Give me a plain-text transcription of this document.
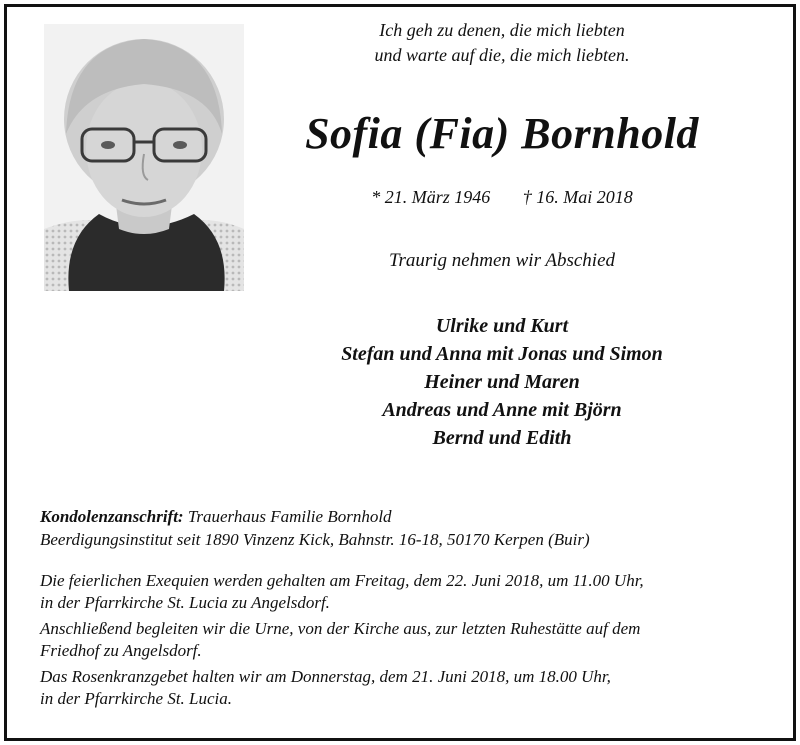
Ich geh zu denen, die mich liebten
und warte auf die, die mich liebten.
Sofia (Fia) Bornhold
* 21. März 1946 † 16. Mai 2018
Traurig nehmen wir Abschied
Ulrike und Kurt
Stefan und Anna mit Jonas und Simon
Heiner und Maren
Andreas und Anne mit Björn
Bernd und Edith
Kondolenzanschrift: Trauerhaus Familie Bornhold
Beerdigungsinstitut seit 1890 Vinzenz Kick, Bahnstr. 16-18, 50170 Kerpen (Buir)

Die feierlichen Exequien werden gehalten am Freitag, dem 22. Juni 2018, um 11.00 Uhr,
in der Pfarrkirche St. Lucia zu Angelsdorf.

Anschließend begleiten wir die Urne, von der Kirche aus, zur letzten Ruhestätte auf dem
Friedhof zu Angelsdorf.

Das Rosenkranzgebet halten wir am Donnerstag, dem 21. Juni 2018, um 18.00 Uhr,
in der Pfarrkirche St. Lucia.
